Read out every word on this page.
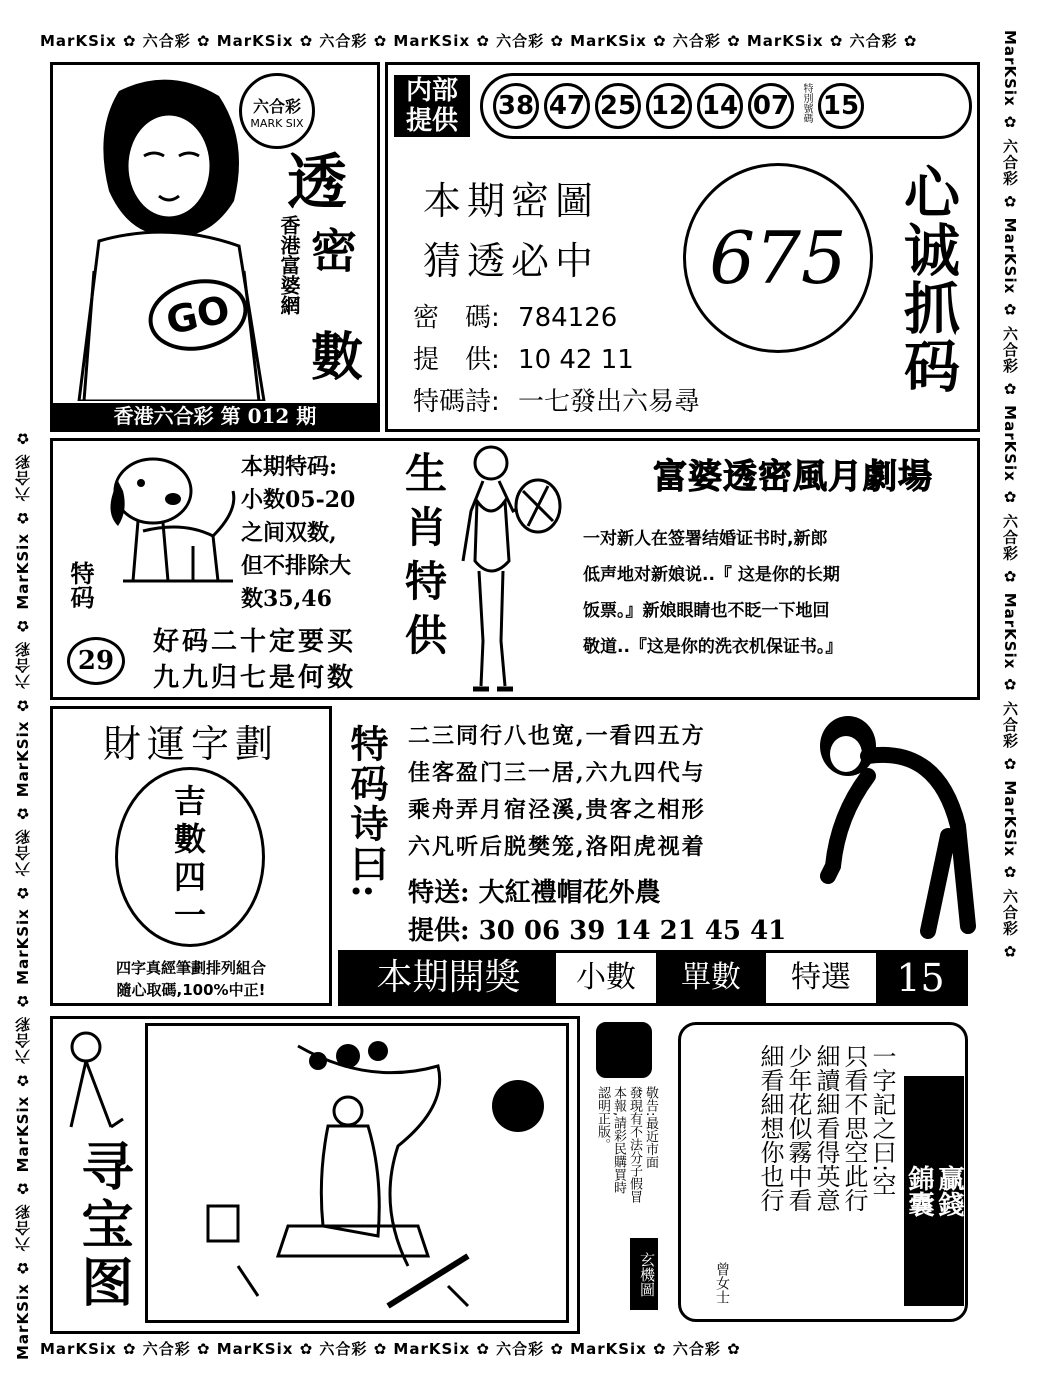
MarKSix ✿ 六合彩 ✿ MarKSix ✿ 六合彩 ✿ MarKSix ✿ 六合彩 ✿ MarKSix ✿ 六合彩 ✿ MarKSix ✿ 六合彩 ✿
MarKSix ✿ 六合彩 ✿ MarKSix ✿ 六合彩 ✿ MarKSix ✿ 六合彩 ✿ MarKSix ✿ 六合彩 ✿
MarKSix ✿ 六合彩 ✿ MarKSix ✿ 六合彩 ✿ MarKSix ✿ 六合彩 ✿ MarKSix ✿ 六合彩 ✿ MarKSix ✿ 六合彩 ✿	MarKSix ✿ 六合彩 ✿ MarKSix ✿ 六合彩 ✿ MarKSix ✿ 六合彩 ✿ MarKSix ✿ 六合彩 ✿ MarKSix ✿ 六合彩 ✿
GO
六合彩
MARK SIX
透
密
香港富婆網
數
香港六合彩 第 012 期
内部提供	38 47 25 12 14 07	特別號碼 15
本期密圖
猜透必中	675 心诚抓码
密　碼: 784126
提　供: 10 42 11
特碼詩: 一七發出六易尋
特码
29
本期特码:
小数05-20
之间双数,
但不排除大
数35,46
好码二十定要买
九九归七是何数
生肖特供	富婆透密風月劇場
一对新人在签署结婚证书时,新郎
低声地对新娘说..『 这是你的长期
饭票。』新娘眼睛也不眨一下地回
敬道..『这是你的洗衣机保证书。』
財運字劃
吉
數
四
一
四字真經筆劃排列組合
隨心取碼,100%中正!
特码诗曰: 二三同行八也宽,一看四五方
佳客盈门三一居,六九四代与
乘舟弄月宿泾溪,贵客之相形
六凡听后脱樊笼,洛阳虎视着
特送: 大紅禮帽花外農
提供: 30 06 39 14 21 45 41
本期開獎	小數	單數	特選	15
寻宝图
敬告:最近市面
發現有不法分子假冒
本報,請彩民購買時
認明正版。
玄機圖
贏錢
錦囊
一字記之曰:空
只看不思空此行
細讀細看得英意
少年花似霧中看
細看細想你也行
曾女士
